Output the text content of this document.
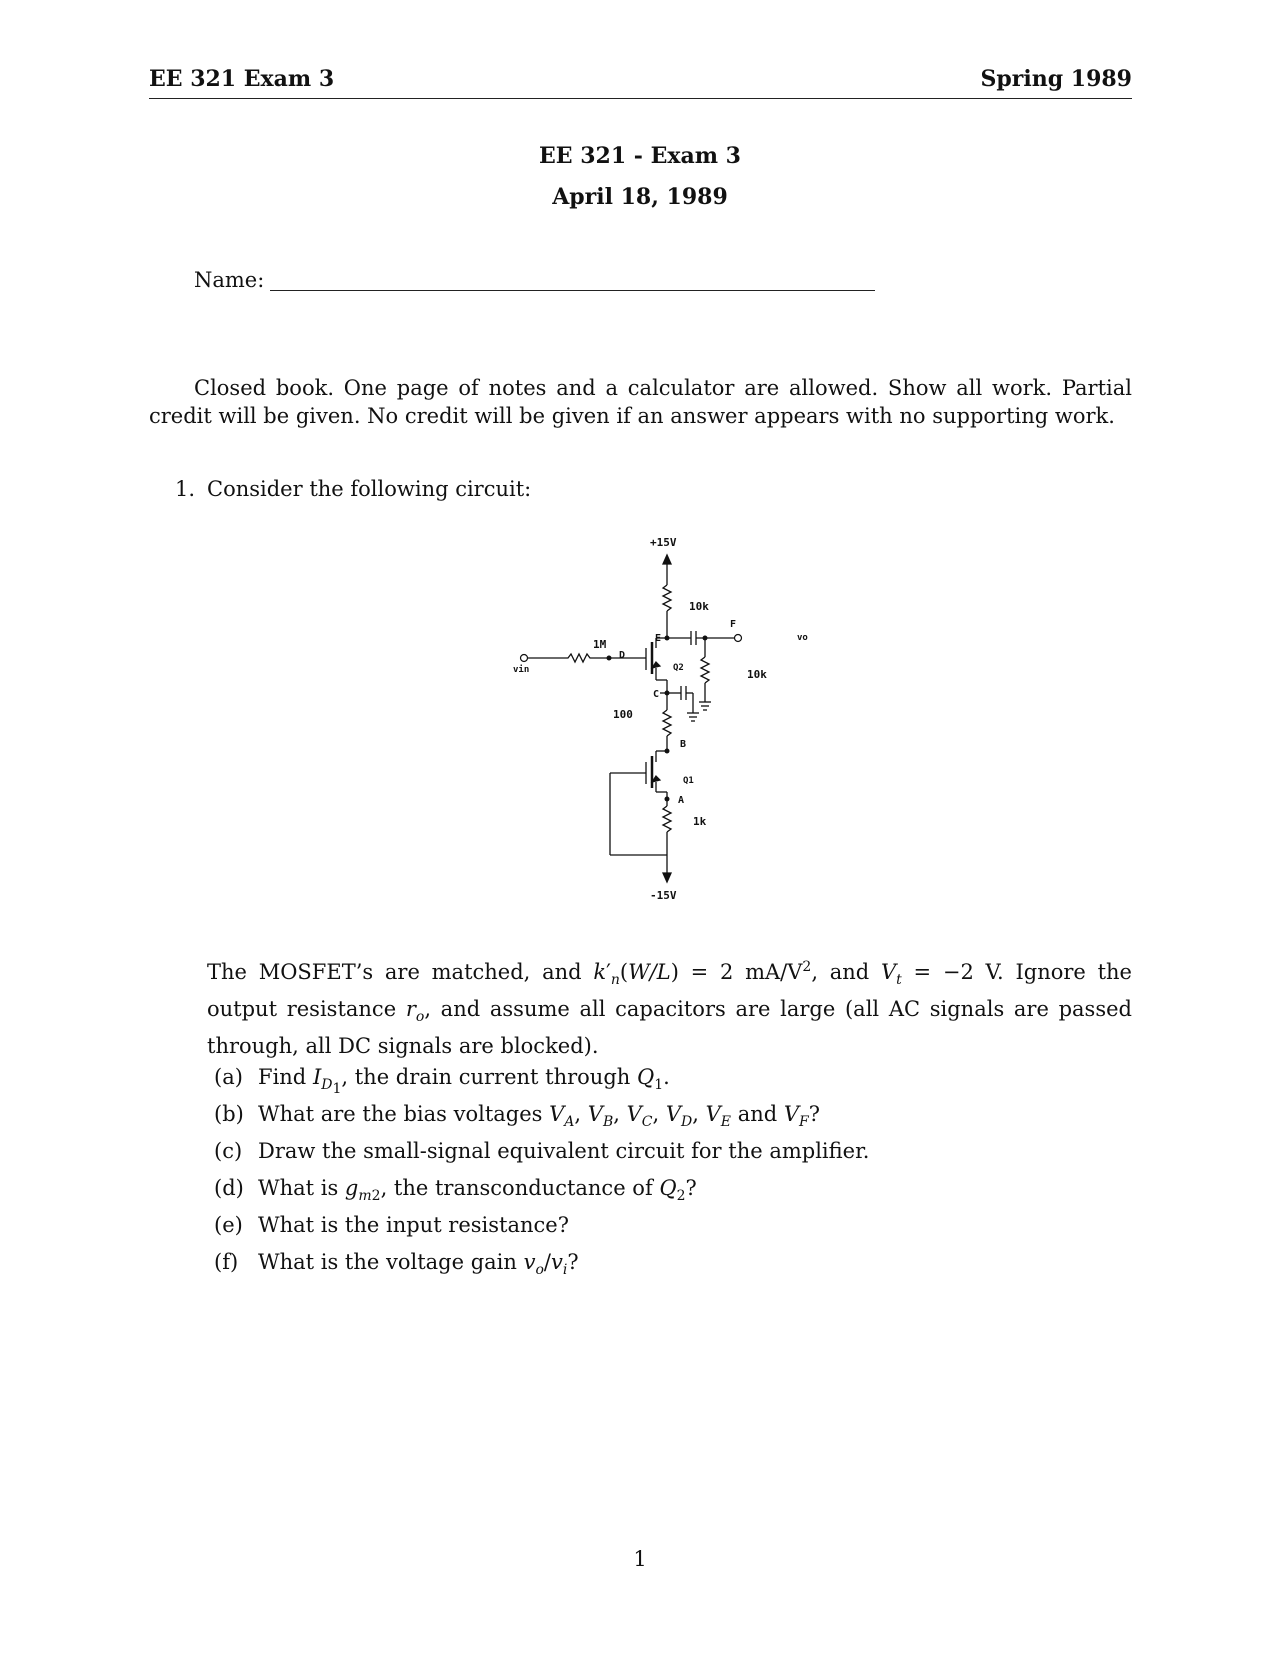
EE 321 Exam 3	Spring 1989
EE 321 - Exam 3
April 18, 1989
Name:
Closed book. One page of notes and a calculator are allowed. Show all work. Partial credit will be given. No credit will be given if an answer appears with no supporting work.
1. Consider the following circuit:
+15V
-15V
10k
10k
1M
100
1k
A
B
C
D
E
F
Q2
Q1
vin
vo
The MOSFET’s are matched, and $k'_n(W/L) = 2$ $mA/V^2$, and $V_t = -2$ V. Ignore the output resistance $r_o$, and assume all capacitors are large (all AC signals are passed through, all DC signals are blocked).
(a) Find $I_{D_1}$, the drain current through $Q_1$.
(b) What are the bias voltages $V_A$, $V_B$, $V_C$, $V_D$, $V_E$ and $V_F$?
(c) Draw the small-signal equivalent circuit for the amplifier.
(d) What is $g_{m2}$, the transconductance of $Q_2$?
(e) What is the input resistance?
(f) What is the voltage gain $v_o/v_i$?
1
